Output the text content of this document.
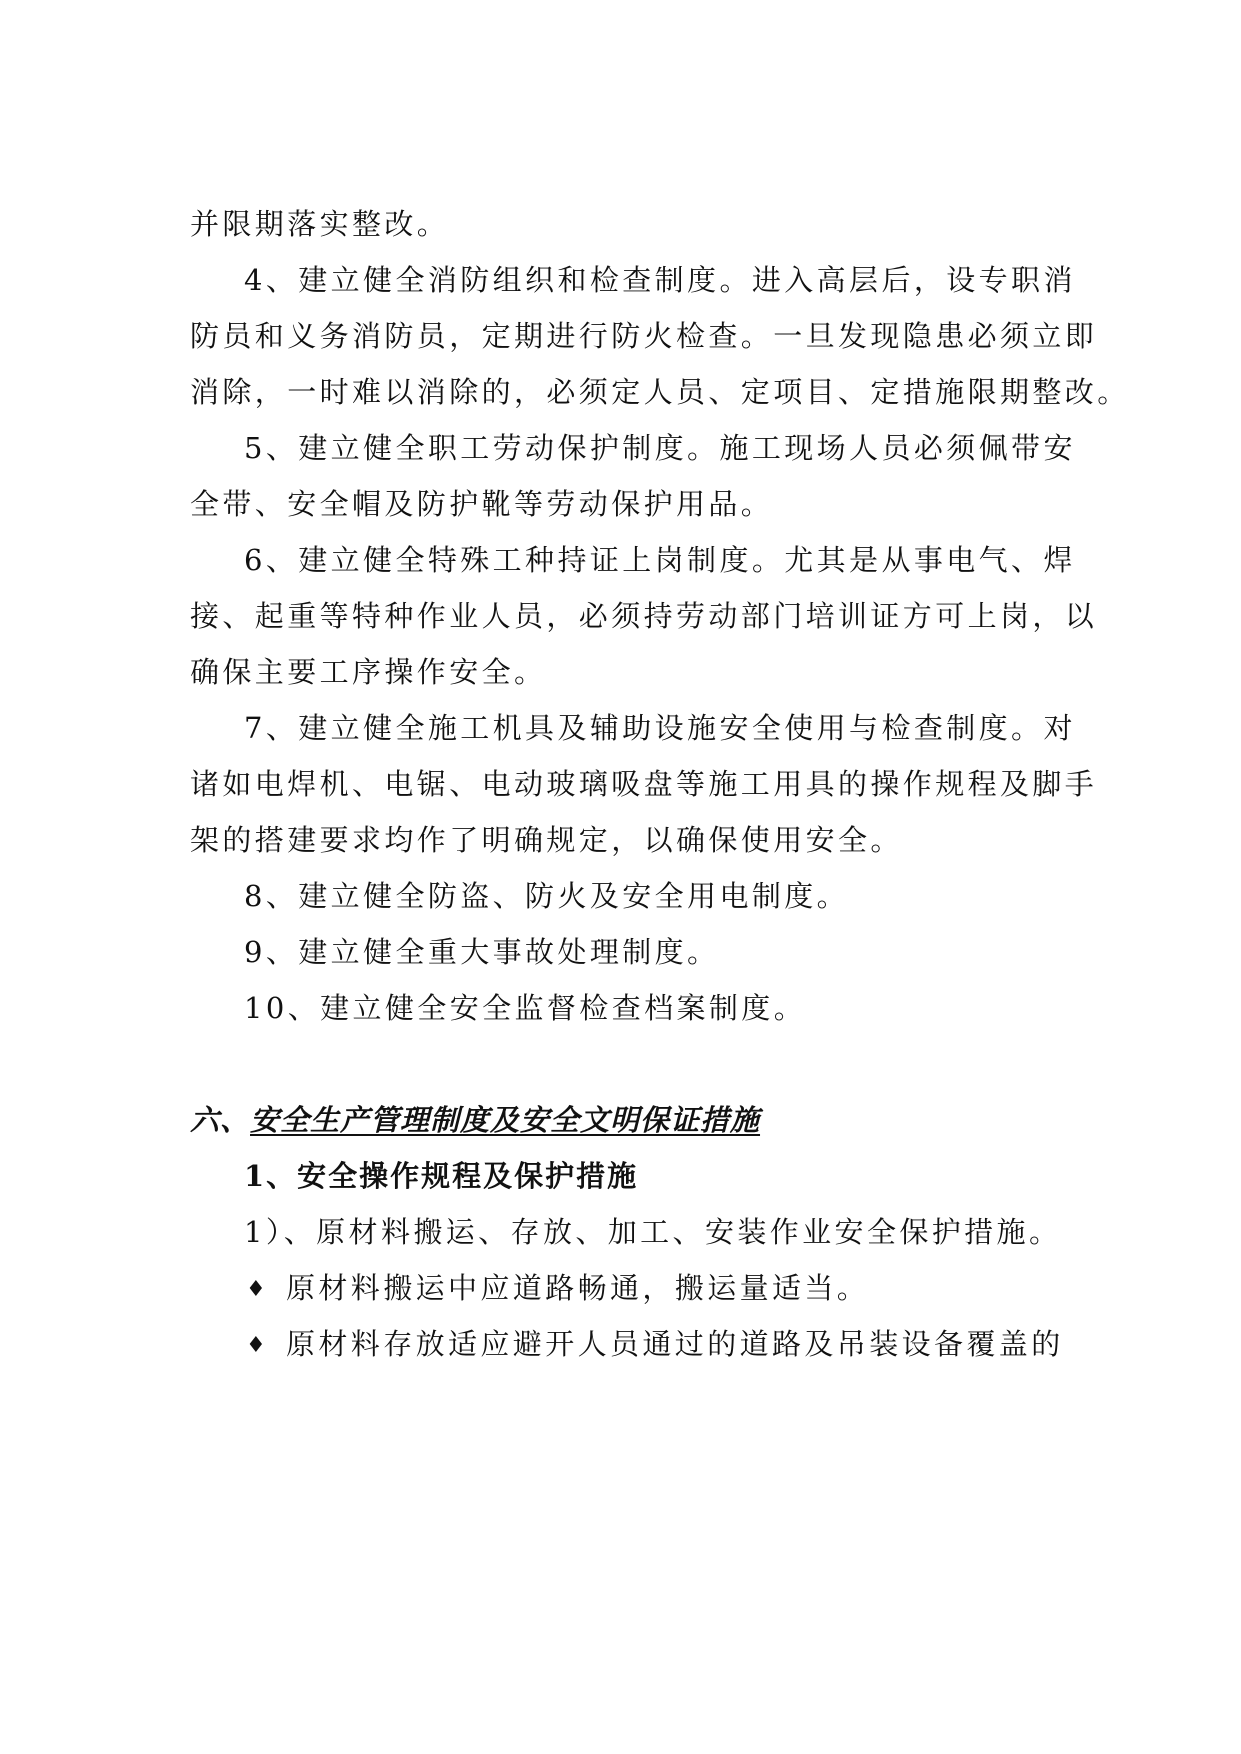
并限期落实整改。
4、建立健全消防组织和检查制度。进入高层后，设专职消
防员和义务消防员，定期进行防火检查。一旦发现隐患必须立即
消除，一时难以消除的，必须定人员、定项目、定措施限期整改。
5、建立健全职工劳动保护制度。施工现场人员必须佩带安
全带、安全帽及防护靴等劳动保护用品。
6、建立健全特殊工种持证上岗制度。尤其是从事电气、焊
接、起重等特种作业人员，必须持劳动部门培训证方可上岗，以
确保主要工序操作安全。
7、建立健全施工机具及辅助设施安全使用与检查制度。对
诸如电焊机、电锯、电动玻璃吸盘等施工用具的操作规程及脚手
架的搭建要求均作了明确规定，以确保使用安全。
8、建立健全防盗、防火及安全用电制度。
9、建立健全重大事故处理制度。
10、建立健全安全监督检查档案制度。
六、安全生产管理制度及安全文明保证措施
1、安全操作规程及保护措施
1）、原材料搬运、存放、加工、安装作业安全保护措施。
♦ 原材料搬运中应道路畅通，搬运量适当。
♦ 原材料存放适应避开人员通过的道路及吊装设备覆盖的
